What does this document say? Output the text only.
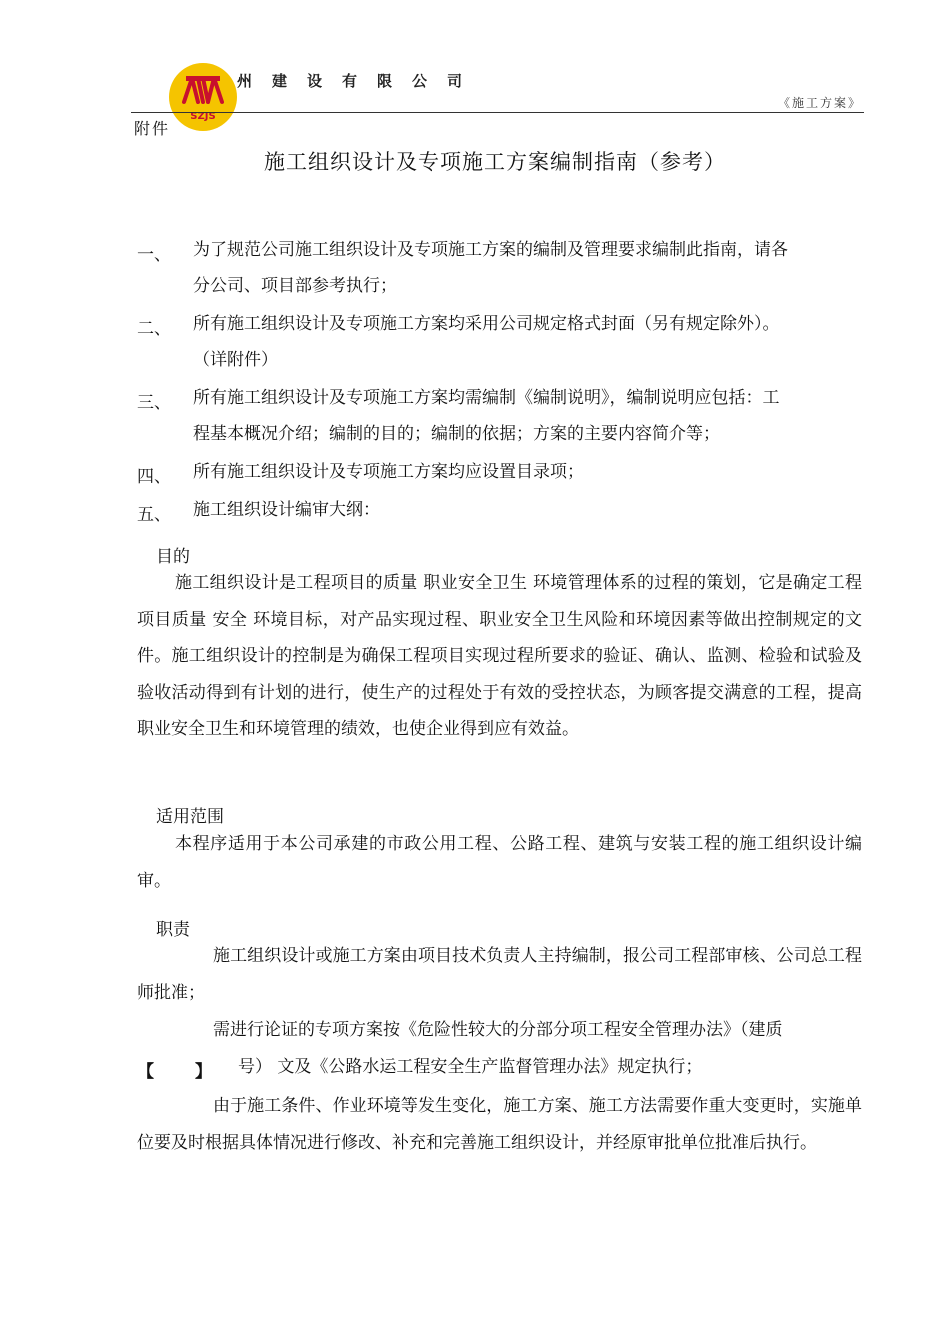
SZJS
州建设有限公司
《施工方案》
附件
施工组织设计及专项施工方案编制指南（参考）
一、 为了规范公司施工组织设计及专项施工方案的编制及管理要求编制此指南，请各
分公司、项目部参考执行；
二、 所有施工组织设计及专项施工方案均采用公司规定格式封面（另有规定除外）。
（详附件）
三、 所有施工组织设计及专项施工方案均需编制《编制说明》，编制说明应包括：工
程基本概况介绍；编制的目的；编制的依据；方案的主要内容简介等；
四、 所有施工组织设计及专项施工方案均应设置目录项；
五、 施工组织设计编审大纲：
目的
施工组织设计是工程项目的质量 职业安全卫生 环境管理体系的过程的策划，它是确定工程项目质量 安全 环境目标，对产品实现过程、职业安全卫生风险和环境因素等做出控制规定的文件。施工组织设计的控制是为确保工程项目实现过程所要求的验证、确认、监测、检验和试验及验收活动得到有计划的进行，使生产的过程处于有效的受控状态，为顾客提交满意的工程，提高职业安全卫生和环境管理的绩效，也使企业得到应有效益。
适用范围
本程序适用于本公司承建的市政公用工程、公路工程、建筑与安装工程的施工组织设计编审。
职责
施工组织设计或施工方案由项目技术负责人主持编制，报公司工程部审核、公司总工程师批准；
需进行论证的专项方案按《危险性较大的分部分项工程安全管理办法》（建质
【 】 号） 文及《公路水运工程安全生产监督管理办法》规定执行；
由于施工条件、作业环境等发生变化，施工方案、施工方法需要作重大变更时，实施单位要及时根据具体情况进行修改、补充和完善施工组织设计，并经原审批单位批准后执行。
